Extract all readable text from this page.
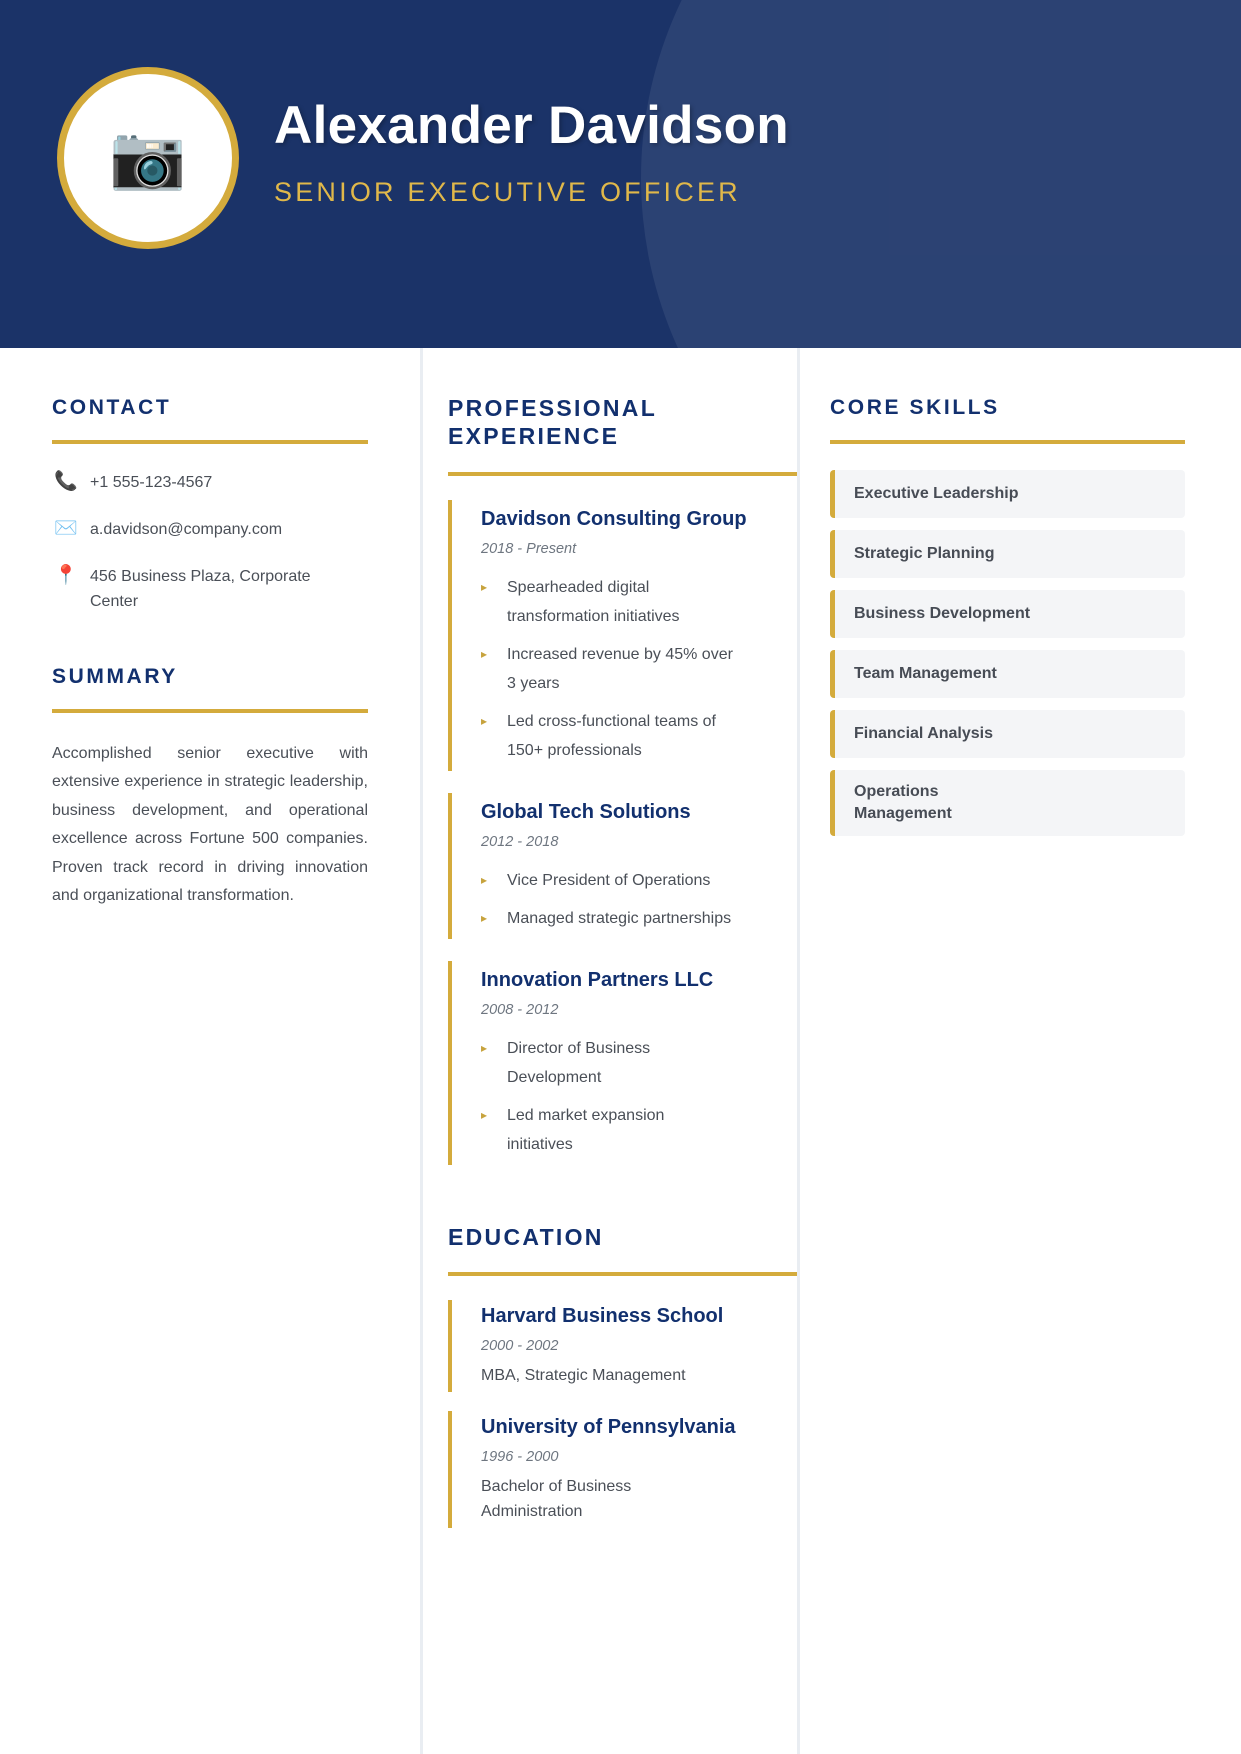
📷 Alexander Davidson
SENIOR EXECUTIVE OFFICER
CONTACT
📞 +1 555-123-4567
✉️ a.davidson@company.com
📍 456 Business Plaza, Corporate Center
SUMMARY
Accomplished senior executive with extensive experience in strategic leadership, business development, and operational excellence across Fortune 500 companies. Proven track record in driving innovation and organizational transformation.
PROFESSIONAL EXPERIENCE
Davidson Consulting Group
2018 - Present
▸ Spearheaded digital transformation initiatives
▸ Increased revenue by 45% over 3 years
▸ Led cross-functional teams of 150+ professionals
Global Tech Solutions
2012 - 2018
▸ Vice President of Operations
▸ Managed strategic partnerships
Innovation Partners LLC
2008 - 2012
▸ Director of Business Development
▸ Led market expansion initiatives
EDUCATION
Harvard Business School
2000 - 2002
MBA, Strategic Management
University of Pennsylvania
1996 - 2000
Bachelor of Business Administration
CORE SKILLS
Executive Leadership
Strategic Planning
Business Development
Team Management
Financial Analysis
Operations Management
